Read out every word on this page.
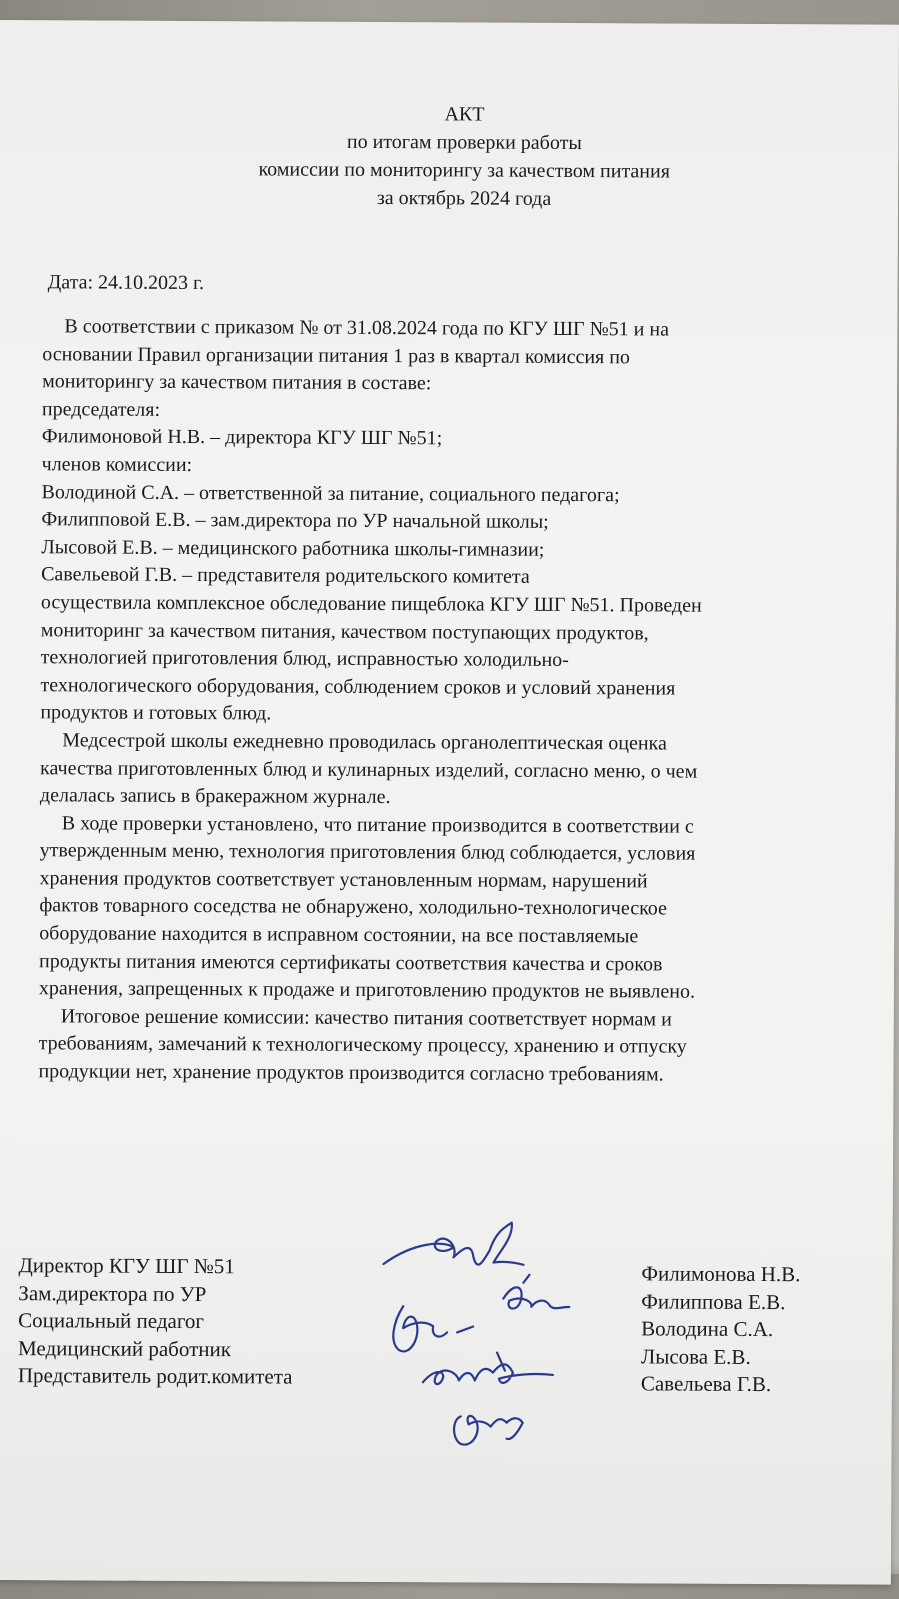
АКТ
по итогам проверки работы
комиссии по мониторингу за качеством питания
за октябрь 2024 года
Дата: 24.10.2023 г.
В соответствии с приказом № от 31.08.2024 года по КГУ ШГ №51 и на
основании Правил организации питания 1 раз в квартал комиссия по
мониторингу за качеством питания в составе:
председателя:
Филимоновой Н.В. – директора КГУ ШГ №51;
членов комиссии:
Володиной С.А. – ответственной за питание, социального педагога;
Филипповой Е.В. – зам.директора по УР начальной школы;
Лысовой Е.В. – медицинского работника школы-гимназии;
Савельевой Г.В. – представителя родительского комитета
осуществила комплексное обследование пищеблока КГУ ШГ №51. Проведен
мониторинг за качеством питания, качеством поступающих продуктов,
технологией приготовления блюд, исправностью холодильно-
технологического оборудования, соблюдением сроков и условий хранения
продуктов и готовых блюд.
Медсестрой школы ежедневно проводилась органолептическая оценка
качества приготовленных блюд и кулинарных изделий, согласно меню, о чем
делалась запись в бракеражном журнале.
В ходе проверки установлено, что питание производится в соответствии с
утвержденным меню, технология приготовления блюд соблюдается, условия
хранения продуктов соответствует установленным нормам, нарушений
фактов товарного соседства не обнаружено, холодильно-технологическое
оборудование находится в исправном состоянии, на все поставляемые
продукты питания имеются сертификаты соответствия качества и сроков
хранения, запрещенных к продаже и приготовлению продуктов не выявлено.
Итоговое решение комиссии: качество питания соответствует нормам и
требованиям, замечаний к технологическому процессу, хранению и отпуску
продукции нет, хранение продуктов производится согласно требованиям.
Директор КГУ ШГ №51
Зам.директора по УР
Социальный педагог
Медицинский работник
Представитель родит.комитета
Филимонова Н.В.
Филиппова Е.В.
Володина С.А.
Лысова Е.В.
Савельева Г.В.
